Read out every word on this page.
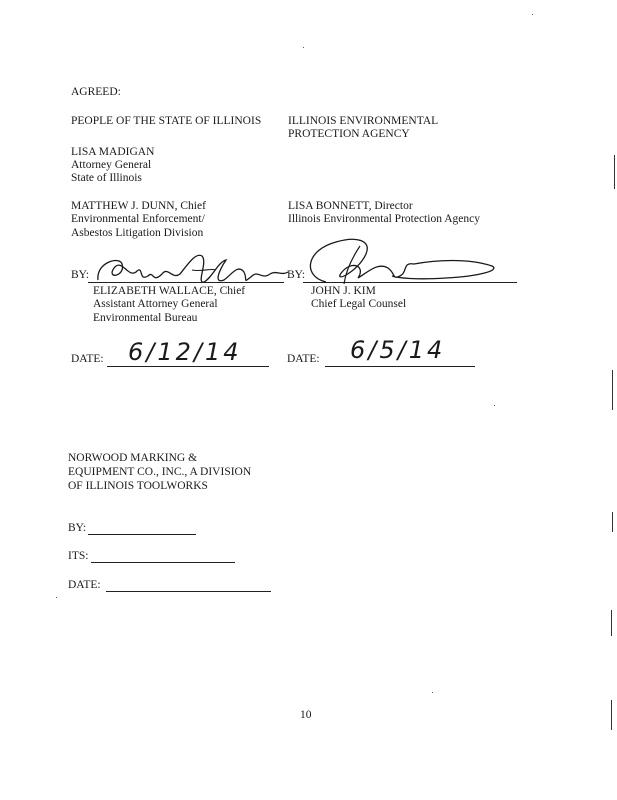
AGREED:
PEOPLE OF THE STATE OF ILLINOIS ILLINOIS ENVIRONMENTAL
PROTECTION AGENCY
LISA MADIGAN
Attorney General
State of Illinois
MATTHEW J. DUNN, Chief
Environmental Enforcement/
Asbestos Litigation Division
LISA BONNETT, Director
Illinois Environmental Protection Agency
BY:
ELIZABETH WALLACE, Chief
Assistant Attorney General
Environmental Bureau
BY:
JOHN J. KIM
Chief Legal Counsel
DATE: 6/12/14	DATE: 6/5/14
NORWOOD MARKING &
EQUIPMENT CO., INC., A DIVISION
OF ILLINOIS TOOLWORKS
BY:
ITS:
DATE:
10
